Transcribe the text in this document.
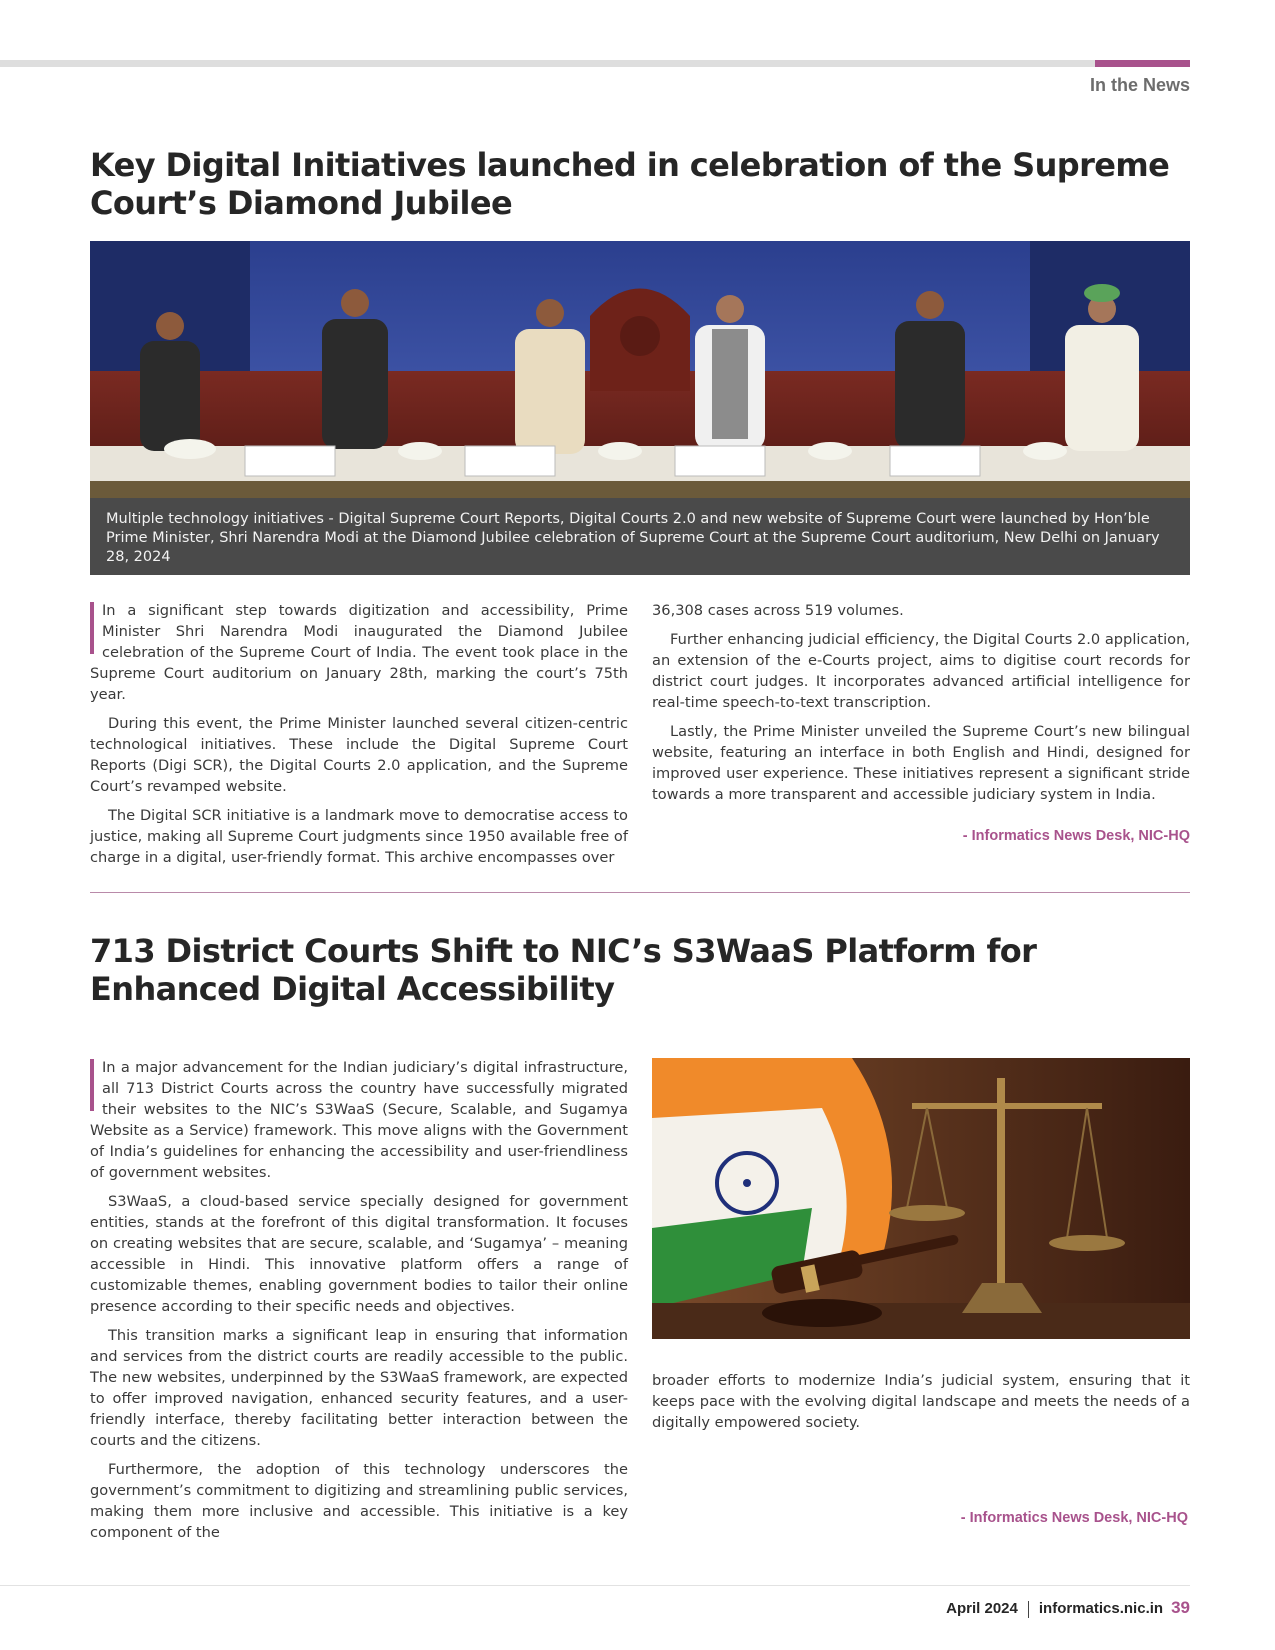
In the News
Key Digital Initiatives launched in celebration of the Supreme Court’s Diamond Jubilee
Multiple technology initiatives - Digital Supreme Court Reports, Digital Courts 2.0 and new website of Supreme Court were launched by Hon’ble Prime Minister, Shri Narendra Modi at the Diamond Jubilee celebration of Supreme Court at the Supreme Court auditorium, New Delhi on January 28, 2024

In a significant step towards digitization and accessibility, Prime Minister Shri Narendra Modi inaugurated the Diamond Jubilee celebration of the Supreme Court of India. The event took place in the Supreme Court auditorium on January 28th, marking the court’s 75th year.

During this event, the Prime Minister launched several citizen-centric technological initiatives. These include the Digital Supreme Court Reports (Digi SCR), the Digital Courts 2.0 application, and the Supreme Court’s revamped website.

The Digital SCR initiative is a landmark move to democratise access to justice, making all Supreme Court judgments since 1950 available free of charge in a digital, user-friendly format. This archive encompasses over

36,308 cases across 519 volumes.

Further enhancing judicial efficiency, the Digital Courts 2.0 application, an extension of the e-Courts project, aims to digitise court records for district court judges. It incorporates advanced artificial intelligence for real-time speech-to-text transcription.

Lastly, the Prime Minister unveiled the Supreme Court’s new bilingual website, featuring an interface in both English and Hindi, designed for improved user experience. These initiatives represent a significant stride towards a more transparent and accessible judiciary system in India.

- Informatics News Desk, NIC-HQ
713 District Courts Shift to NIC’s S3WaaS Platform for Enhanced Digital Accessibility

In a major advancement for the Indian judiciary’s digital infrastructure, all 713 District Courts across the country have successfully migrated their websites to the NIC’s S3WaaS (Secure, Scalable, and Sugamya Website as a Service) framework. This move aligns with the Government of India’s guidelines for enhancing the accessibility and user-friendliness of government websites.

S3WaaS, a cloud-based service specially designed for government entities, stands at the forefront of this digital transformation. It focuses on creating websites that are secure, scalable, and ‘Sugamya’ – meaning accessible in Hindi. This innovative platform offers a range of customizable themes, enabling government bodies to tailor their online presence according to their specific needs and objectives.

This transition marks a significant leap in ensuring that information and services from the district courts are readily accessible to the public. The new websites, underpinned by the S3WaaS framework, are expected to offer improved navigation, enhanced security features, and a user-friendly interface, thereby facilitating better interaction between the courts and the citizens.

Furthermore, the adoption of this technology underscores the government’s commitment to digitizing and streamlining public services, making them more inclusive and accessible. This initiative is a key component of the

broader efforts to modernize India’s judicial system, ensuring that it keeps pace with the evolving digital landscape and meets the needs of a digitally empowered society.

- Informatics News Desk, NIC-HQ
April 2024 informatics.nic.in 39
